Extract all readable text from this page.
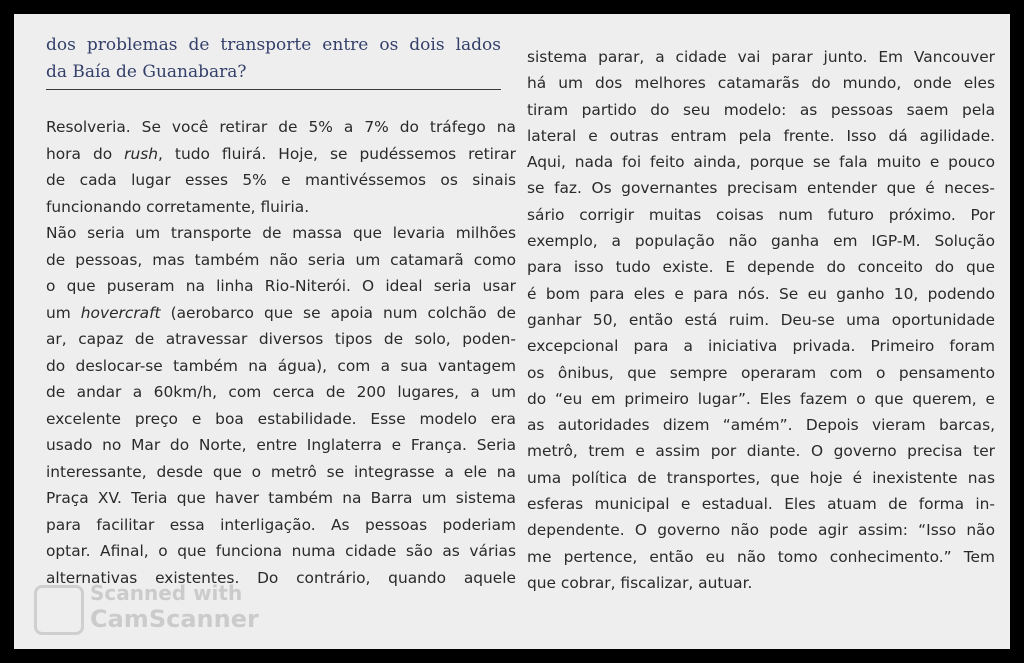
dos problemas de transporte entre os dois lados
da Baía de Guanabara?
Resolveria. Se você retirar de 5% a 7% do tráfego na
hora do rush, tudo fluirá. Hoje, se pudéssemos retirar
de cada lugar esses 5% e mantivéssemos os sinais
funcionando corretamente, fluiria.
Não seria um transporte de massa que levaria milhões
de pessoas, mas também não seria um catamarã como
o que puseram na linha Rio-Niterói. O ideal seria usar
um hovercraft (aerobarco que se apoia num colchão de
ar, capaz de atravessar diversos tipos de solo, poden-
do deslocar-se também na água), com a sua vantagem
de andar a 60km/h, com cerca de 200 lugares, a um
excelente preço e boa estabilidade. Esse modelo era
usado no Mar do Norte, entre Inglaterra e França. Seria
interessante, desde que o metrô se integrasse a ele na
Praça XV. Teria que haver também na Barra um sistema
para facilitar essa interligação. As pessoas poderiam
optar. Afinal, o que funciona numa cidade são as várias
alternativas existentes. Do contrário, quando aquele
sistema parar, a cidade vai parar junto. Em Vancouver
há um dos melhores catamarãs do mundo, onde eles
tiram partido do seu modelo: as pessoas saem pela
lateral e outras entram pela frente. Isso dá agilidade.
Aqui, nada foi feito ainda, porque se fala muito e pouco
se faz. Os governantes precisam entender que é neces-
sário corrigir muitas coisas num futuro próximo. Por
exemplo, a população não ganha em IGP-M. Solução
para isso tudo existe. E depende do conceito do que
é bom para eles e para nós. Se eu ganho 10, podendo
ganhar 50, então está ruim. Deu-se uma oportunidade
excepcional para a iniciativa privada. Primeiro foram
os ônibus, que sempre operaram com o pensamento
do “eu em primeiro lugar”. Eles fazem o que querem, e
as autoridades dizem “amém”. Depois vieram barcas,
metrô, trem e assim por diante. O governo precisa ter
uma política de transportes, que hoje é inexistente nas
esferas municipal e estadual. Eles atuam de forma in-
dependente. O governo não pode agir assim: “Isso não
me pertence, então eu não tomo conhecimento.” Tem
que cobrar, fiscalizar, autuar.
Scanned with
CamScanner
